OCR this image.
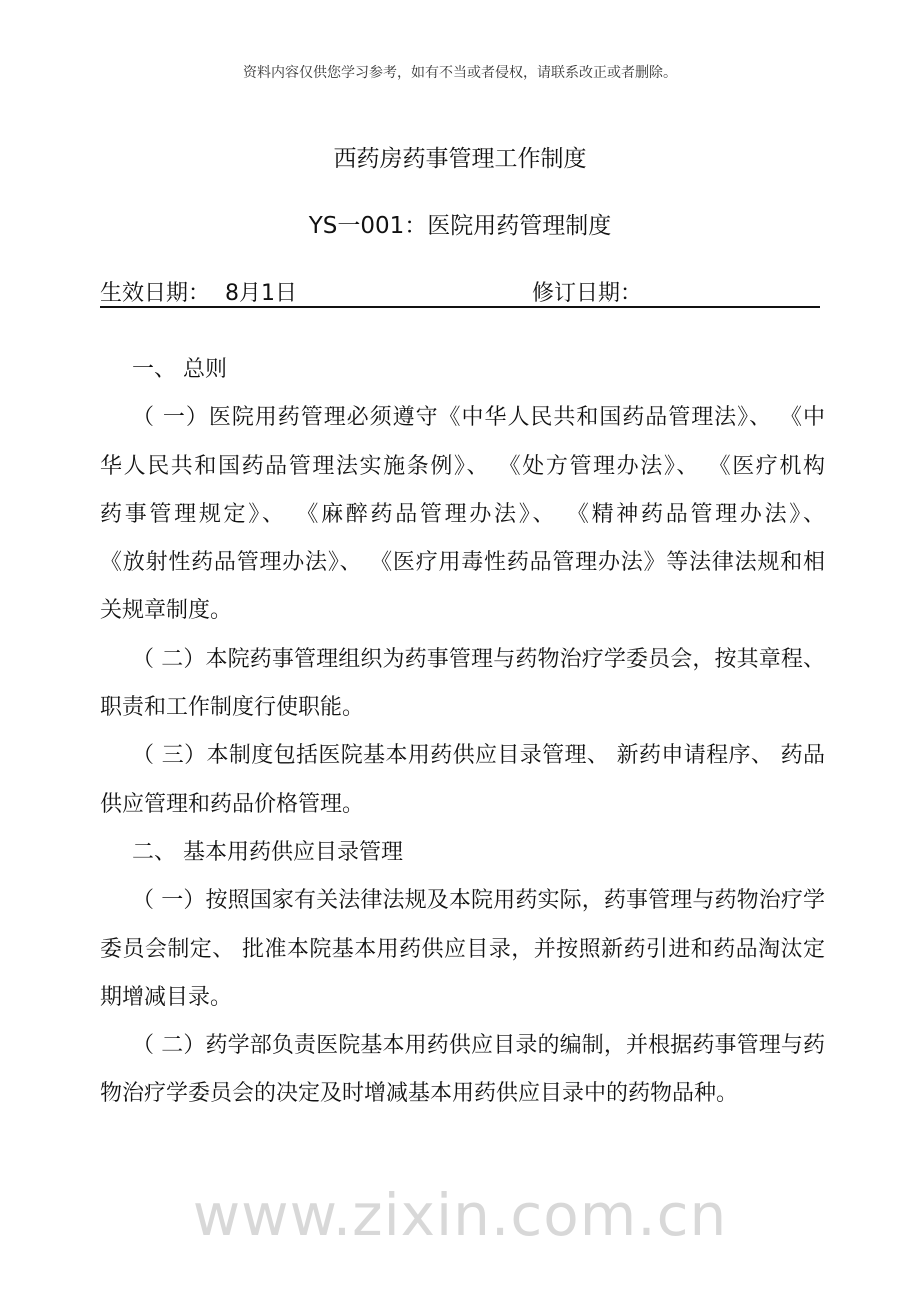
资料内容仅供您学习参考，如有不当或者侵权，请联系改正或者删除。
西药房药事管理工作制度
YS一001：医院用药管理制度
生效日期： 8月1日	修订日期：
一、 总则
（ 一）医院用药管理必须遵守《中华人民共和国药品管理法》、 《中
华人民共和国药品管理法实施条例》、 《处方管理办法》、 《医疗机构
药事管理规定》、 《麻醉药品管理办法》、 《精神药品管理办法》、
《放射性药品管理办法》、 《医疗用毒性药品管理办法》等法律法规和相
关规章制度。
（ 二）本院药事管理组织为药事管理与药物治疗学委员会，按其章程、
职责和工作制度行使职能。
（ 三）本制度包括医院基本用药供应目录管理、 新药申请程序、 药品
供应管理和药品价格管理。
二、 基本用药供应目录管理
（ 一）按照国家有关法律法规及本院用药实际，药事管理与药物治疗学
委员会制定、 批准本院基本用药供应目录，并按照新药引进和药品淘汰定
期增减目录。
（ 二）药学部负责医院基本用药供应目录的编制，并根据药事管理与药
物治疗学委员会的决定及时增减基本用药供应目录中的药物品种。
www.zixin.com.cn
